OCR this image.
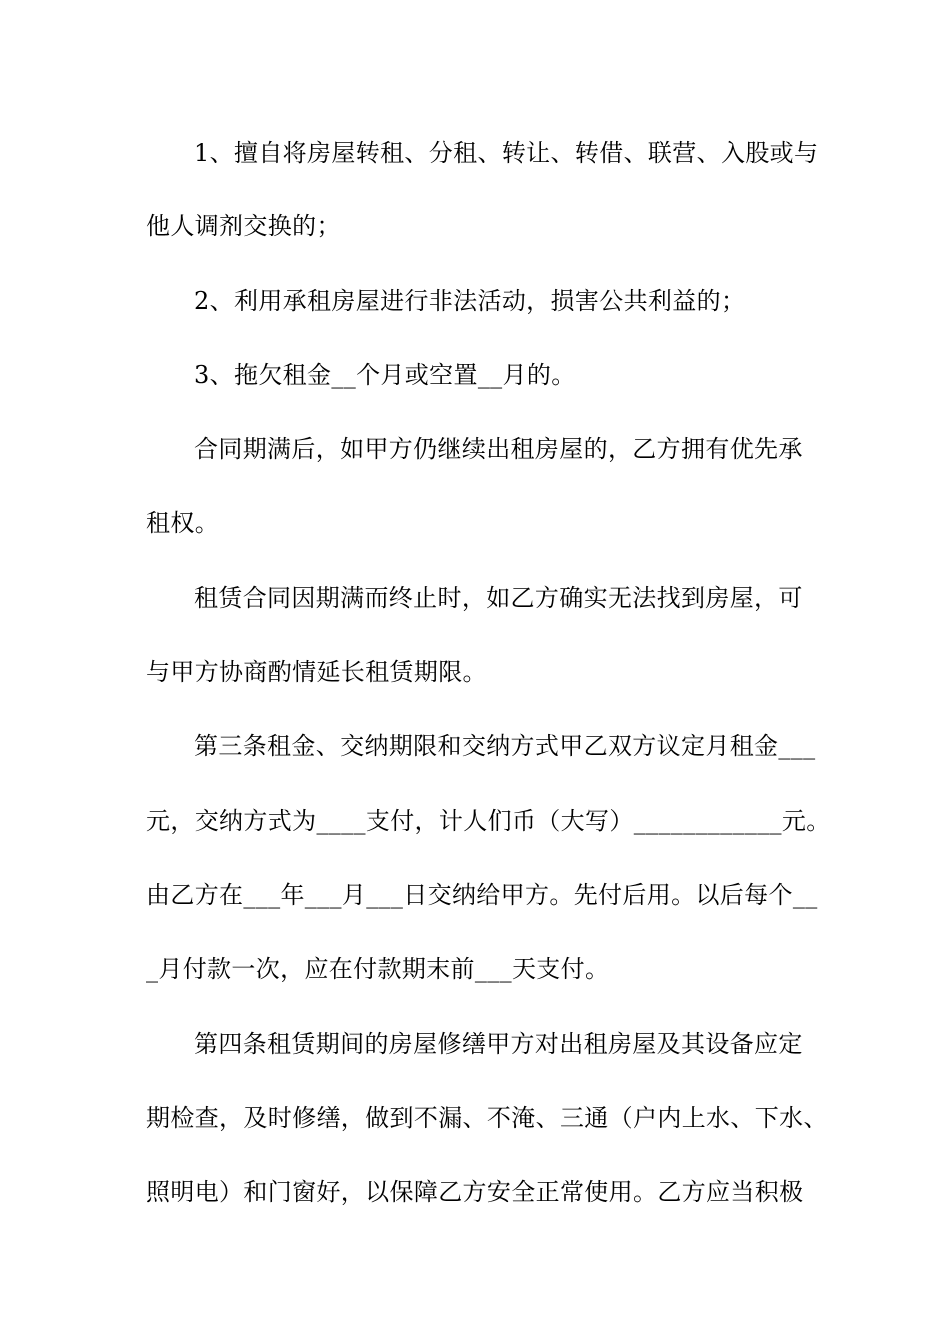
1、擅自将房屋转租、分租、转让、转借、联营、入股或与
他人调剂交换的；
2、利用承租房屋进行非法活动，损害公共利益的；
3、拖欠租金__个月或空置__月的。
合同期满后，如甲方仍继续出租房屋的，乙方拥有优先承
租权。
租赁合同因期满而终止时，如乙方确实无法找到房屋，可
与甲方协商酌情延长租赁期限。
第三条租金、交纳期限和交纳方式甲乙双方议定月租金___
元，交纳方式为____支付，计人们币（大写）____________元。
由乙方在___年___月___日交纳给甲方。先付后用。以后每个__
_月付款一次，应在付款期末前___天支付。
第四条租赁期间的房屋修缮甲方对出租房屋及其设备应定
期检查，及时修缮，做到不漏、不淹、三通（户内上水、下水、
照明电）和门窗好，以保障乙方安全正常使用。乙方应当积极
